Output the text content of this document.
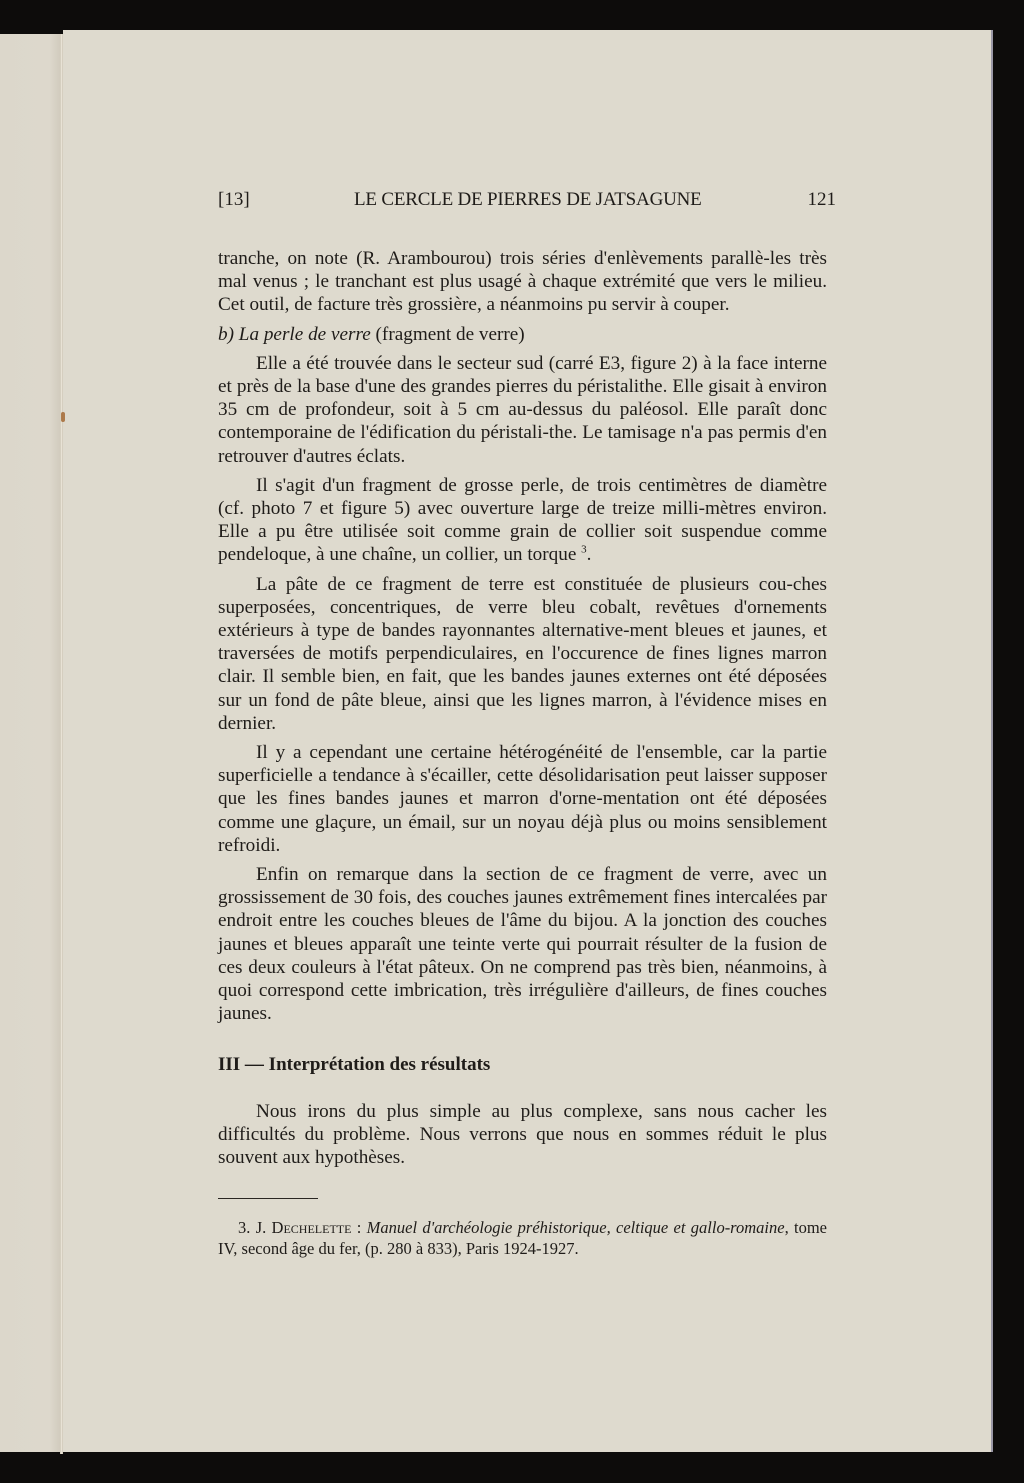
[13]	LE CERCLE DE PIERRES DE JATSAGUNE	121

tranche, on note (R. Arambourou) trois séries d'enlèvements parallè-les très mal venus ; le tranchant est plus usagé à chaque extrémité que vers le milieu. Cet outil, de facture très grossière, a néanmoins pu servir à couper.

b) La perle de verre (fragment de verre)

Elle a été trouvée dans le secteur sud (carré E3, figure 2) à la face interne et près de la base d'une des grandes pierres du péristalithe. Elle gisait à environ 35 cm de profondeur, soit à 5 cm au-dessus du paléosol. Elle paraît donc contemporaine de l'édification du péristali-the. Le tamisage n'a pas permis d'en retrouver d'autres éclats.

Il s'agit d'un fragment de grosse perle, de trois centimètres de diamètre (cf. photo 7 et figure 5) avec ouverture large de treize milli-mètres environ. Elle a pu être utilisée soit comme grain de collier soit suspendue comme pendeloque, à une chaîne, un collier, un torque $^3$.

La pâte de ce fragment de terre est constituée de plusieurs cou-ches superposées, concentriques, de verre bleu cobalt, revêtues d'ornements extérieurs à type de bandes rayonnantes alternative-ment bleues et jaunes, et traversées de motifs perpendiculaires, en l'occurence de fines lignes marron clair. Il semble bien, en fait, que les bandes jaunes externes ont été déposées sur un fond de pâte bleue, ainsi que les lignes marron, à l'évidence mises en dernier.

Il y a cependant une certaine hétérogénéité de l'ensemble, car la partie superficielle a tendance à s'écailler, cette désolidarisation peut laisser supposer que les fines bandes jaunes et marron d'orne-mentation ont été déposées comme une glaçure, un émail, sur un noyau déjà plus ou moins sensiblement refroidi.

Enfin on remarque dans la section de ce fragment de verre, avec un grossissement de 30 fois, des couches jaunes extrêmement fines intercalées par endroit entre les couches bleues de l'âme du bijou. A la jonction des couches jaunes et bleues apparaît une teinte verte qui pourrait résulter de la fusion de ces deux couleurs à l'état pâteux. On ne comprend pas très bien, néanmoins, à quoi correspond cette imbrication, très irrégulière d'ailleurs, de fines couches jaunes.

III — Interprétation des résultats

Nous irons du plus simple au plus complexe, sans nous cacher les difficultés du problème. Nous verrons que nous en sommes réduit le plus souvent aux hypothèses.

3. J. Dechelette : Manuel d'archéologie préhistorique, celtique et gallo-romaine, tome IV, second âge du fer, (p. 280 à 833), Paris 1924-1927.
